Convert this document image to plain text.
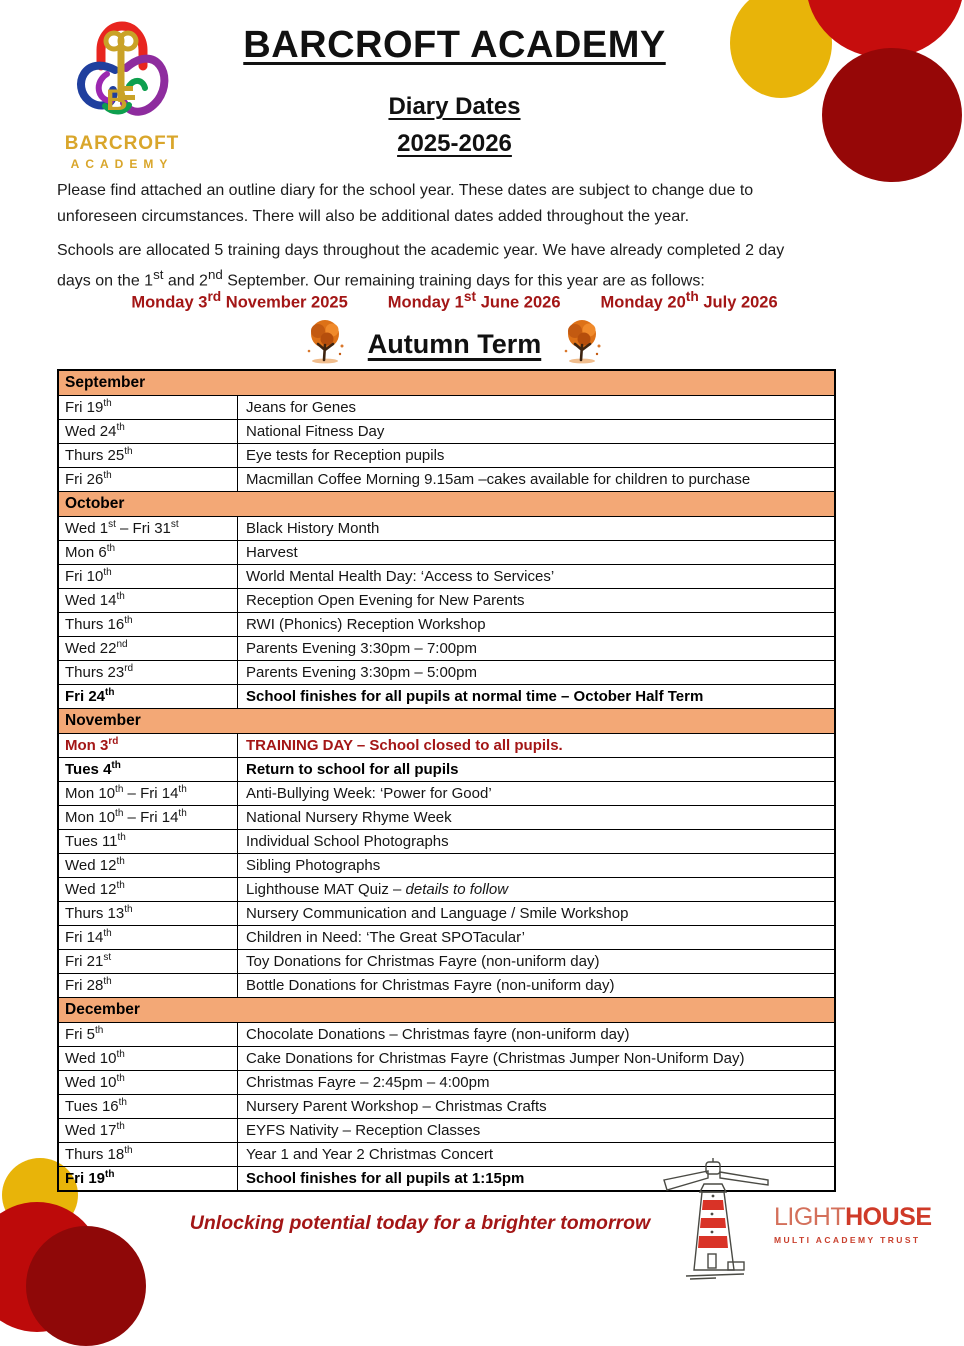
B
BARCROFT
ACADEMY
BARCROFT ACADEMY
Diary Dates
2025-2026
Please find attached an outline diary for the school year. These dates are subject to change due to unforeseen circumstances. There will also be additional dates added throughout the year.
Schools are allocated 5 training days throughout the academic year. We have already completed 2 day days on the 1st and 2nd September. Our remaining training days for this year are as follows:
Monday 3rd November 2025 Monday 1st June 2026 Monday 20th July 2026
Autumn Term
September	
Fri 19th	Jeans for Genes
Wed 24th	National Fitness Day
Thurs 25th	Eye tests for Reception pupils
Fri 26th	Macmillan Coffee Morning 9.15am –cakes available for children to purchase
October	
Wed 1st – Fri 31st	Black History Month
Mon 6th	Harvest
Fri 10th	World Mental Health Day: ‘Access to Services’
Wed 14th	Reception Open Evening for New Parents
Thurs 16th	RWI (Phonics) Reception Workshop
Wed 22nd	Parents Evening 3:30pm – 7:00pm
Thurs 23rd	Parents Evening 3:30pm – 5:00pm
Fri 24th	School finishes for all pupils at normal time – October Half Term
November	
Mon 3rd	TRAINING DAY – School closed to all pupils.
Tues 4th	Return to school for all pupils
Mon 10th – Fri 14th	Anti-Bullying Week: ‘Power for Good’
Mon 10th – Fri 14th	National Nursery Rhyme Week
Tues 11th	Individual School Photographs
Wed 12th	Sibling Photographs
Wed 12th	Lighthouse MAT Quiz – details to follow
Thurs 13th	Nursery Communication and Language / Smile Workshop
Fri 14th	Children in Need: ‘The Great SPOTacular’
Fri 21st	Toy Donations for Christmas Fayre (non-uniform day)
Fri 28th	Bottle Donations for Christmas Fayre (non-uniform day)
December	
Fri 5th	Chocolate Donations – Christmas fayre (non-uniform day)
Wed 10th	Cake Donations for Christmas Fayre (Christmas Jumper Non-Uniform Day)
Wed 10th	Christmas Fayre – 2:45pm – 4:00pm
Tues 16th	Nursery Parent Workshop – Christmas Crafts
Wed 17th	EYFS Nativity – Reception Classes
Thurs 18th	Year 1 and Year 2 Christmas Concert
Fri 19th	School finishes for all pupils at 1:15pm
Unlocking potential today for a brighter tomorrow	LIGHTHOUSE
MULTI ACADEMY TRUST
